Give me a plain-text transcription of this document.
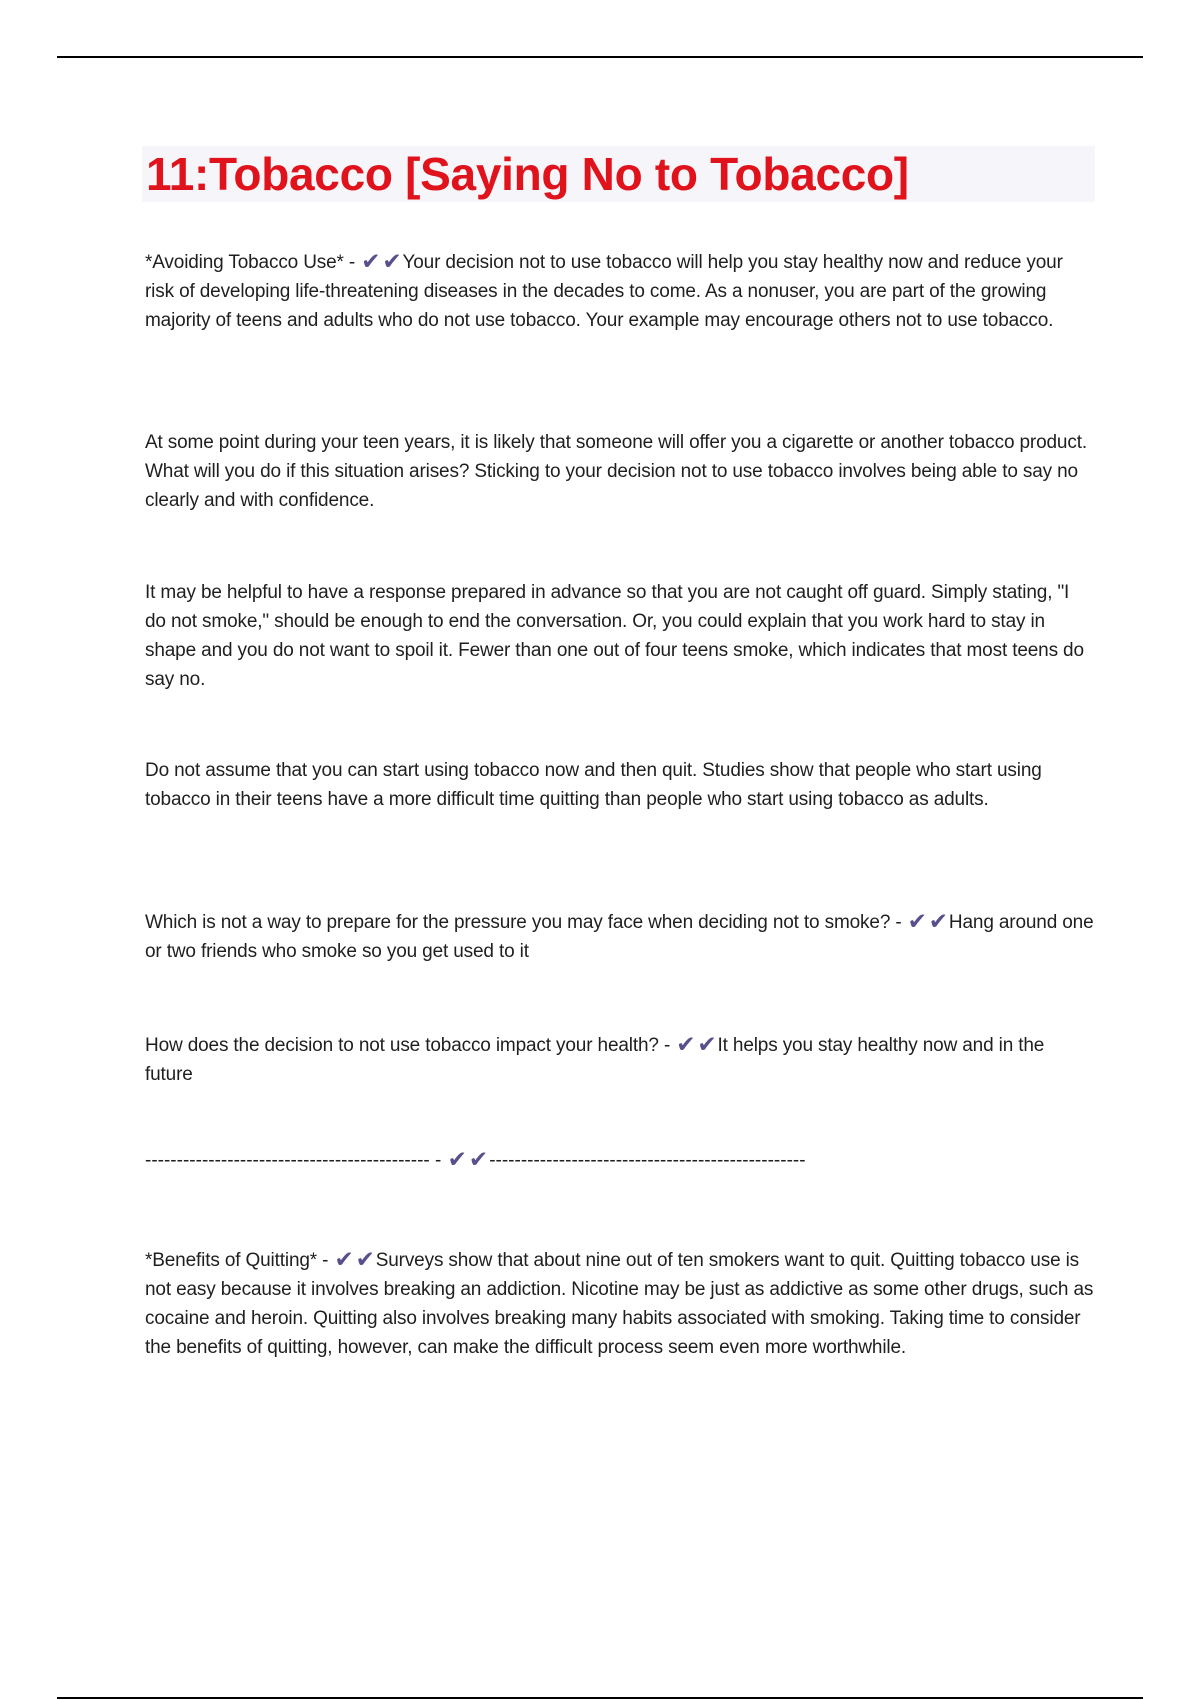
11:Tobacco [Saying No to Tobacco]

*Avoiding Tobacco Use* - ✔✔Your decision not to use tobacco will help you stay healthy now and reduce your risk of developing life-threatening diseases in the decades to come. As a nonuser, you are part of the growing majority of teens and adults who do not use tobacco. Your example may encourage others not to use tobacco.

At some point during your teen years, it is likely that someone will offer you a cigarette or another tobacco product. What will you do if this situation arises? Sticking to your decision not to use tobacco involves being able to say no clearly and with confidence.

It may be helpful to have a response prepared in advance so that you are not caught off guard. Simply stating, "I do not smoke," should be enough to end the conversation. Or, you could explain that you work hard to stay in shape and you do not want to spoil it. Fewer than one out of four teens smoke, which indicates that most teens do say no.

Do not assume that you can start using tobacco now and then quit. Studies show that people who start using tobacco in their teens have a more difficult time quitting than people who start using tobacco as adults.

Which is not a way to prepare for the pressure you may face when deciding not to smoke? - ✔✔Hang around one or two friends who smoke so you get used to it

How does the decision to not use tobacco impact your health? - ✔✔It helps you stay healthy now and in the future

--------------------------------------------- - ✔✔--------------------------------------------------

*Benefits of Quitting* - ✔✔Surveys show that about nine out of ten smokers want to quit. Quitting tobacco use is not easy because it involves breaking an addiction. Nicotine may be just as addictive as some other drugs, such as cocaine and heroin. Quitting also involves breaking many habits associated with smoking. Taking time to consider the benefits of quitting, however, can make the difficult process seem even more worthwhile.
